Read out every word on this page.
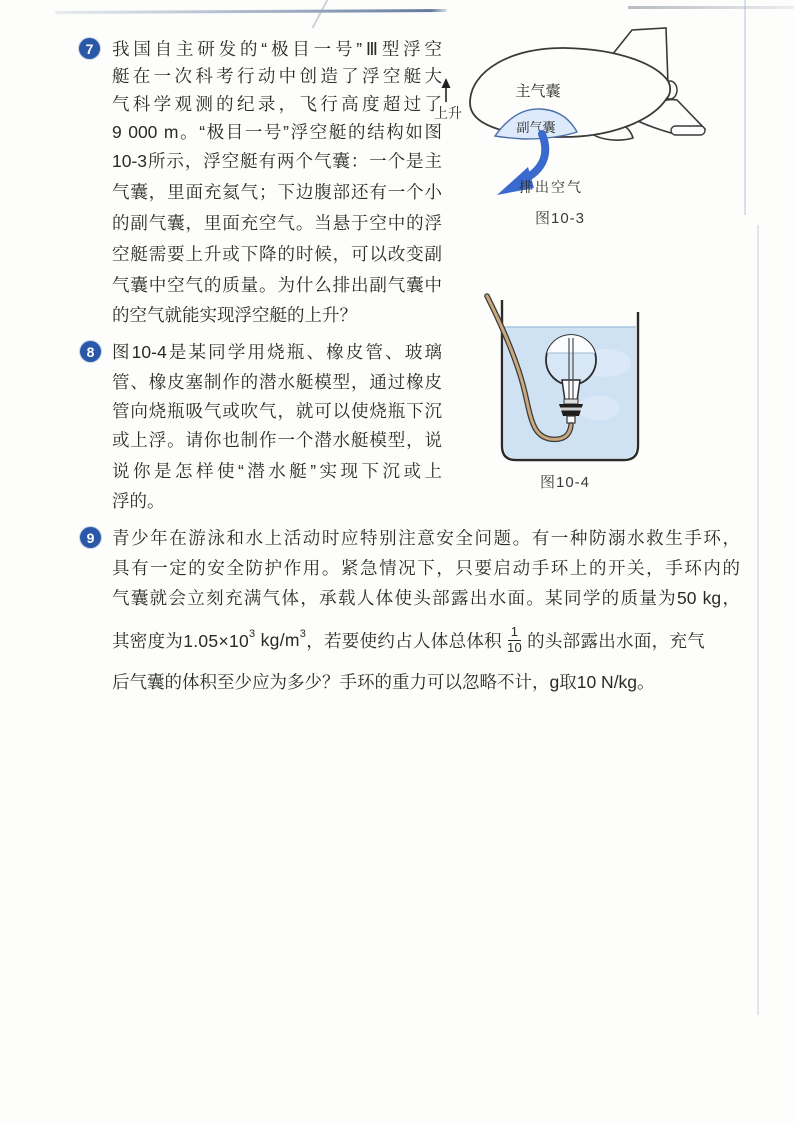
7	我国自主研发的“极目一号”Ⅲ型浮空
艇在一次科考行动中创造了浮空艇大
气科学观测的纪录，飞行高度超过了
9 000 m。“极目一号”浮空艇的结构如图
10-3所示，浮空艇有两个气囊：一个是主
气囊，里面充氦气；下边腹部还有一个小
的副气囊，里面充空气。当悬于空中的浮
空艇需要上升或下降的时候，可以改变副
气囊中空气的质量。为什么排出副气囊中
的空气就能实现浮空艇的上升？
8	图10-4是某同学用烧瓶、橡皮管、玻璃
管、橡皮塞制作的潜水艇模型，通过橡皮
管向烧瓶吸气或吹气，就可以使烧瓶下沉
或上浮。请你也制作一个潜水艇模型，说
说你是怎样使“潜水艇”实现下沉或上
浮的。
9	青少年在游泳和水上活动时应特别注意安全问题。有一种防溺水救生手环，
具有一定的安全防护作用。紧急情况下，只要启动手环上的开关，手环内的
气囊就会立刻充满气体，承载人体使头部露出水面。某同学的质量为50 kg，
其密度为1.05×10 3 kg/m 3 ，若要使约占人体总体积 $\frac{1}{10}$ 的头部露出水面，充气
后气囊的体积至少应为多少？手环的重力可以忽略不计，g取10 N/kg。
主气囊
副气囊
上升
排出空气
图10-3
图10-4
